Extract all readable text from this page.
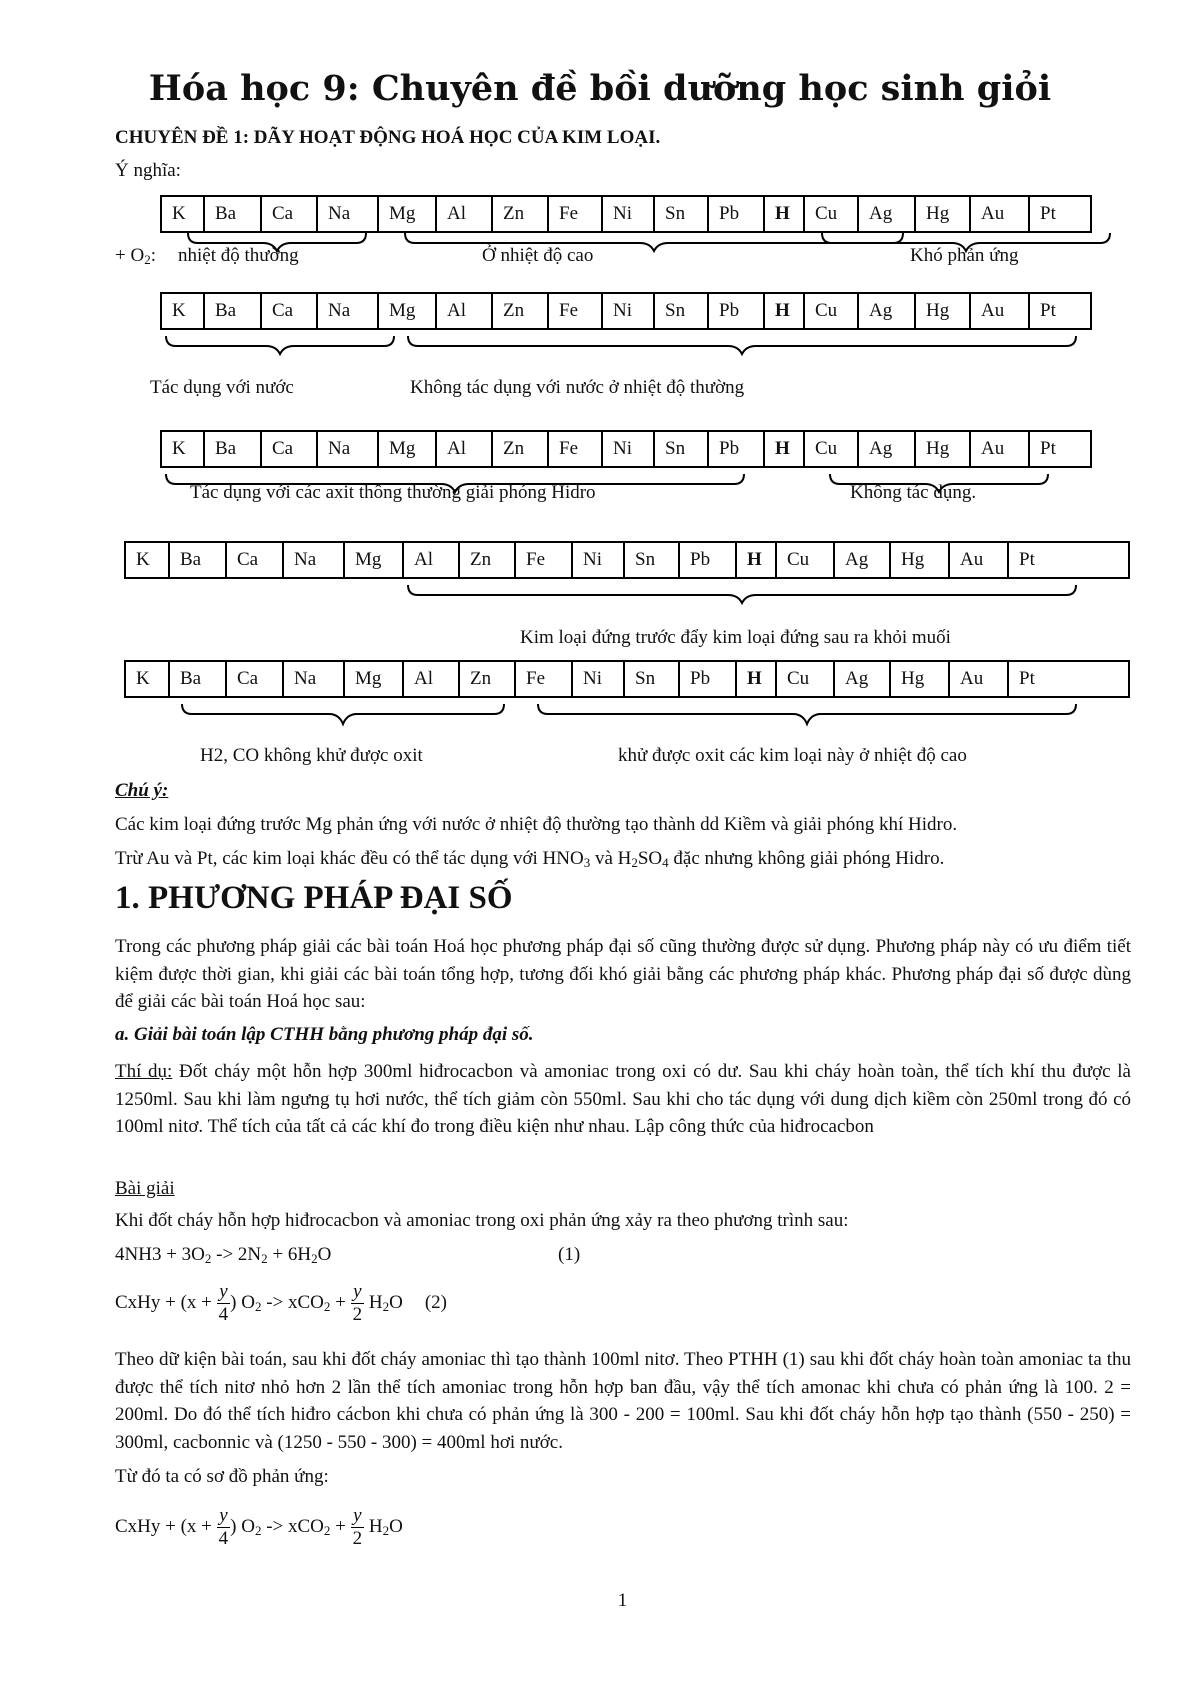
Hóa học 9: Chuyên đề bồi dưỡng học sinh giỏi
CHUYÊN ĐỀ 1: DÃY HOẠT ĐỘNG HOÁ HỌC CỦA KIM LOẠI.
Ý nghĩa:
K	Ba	Ca	Na	Mg	Al	Zn	Fe	Ni	Sn	Pb	H	Cu	Ag	Hg	Au	Pt
K	Ba	Ca	Na	Mg	Al	Zn	Fe	Ni	Sn	Pb	H	Cu	Ag	Hg	Au	Pt
K	Ba	Ca	Na	Mg	Al	Zn	Fe	Ni	Sn	Pb	H	Cu	Ag	Hg	Au	Pt
K	Ba	Ca	Na	Mg	Al	Zn	Fe	Ni	Sn	Pb	H	Cu	Ag	Hg	Au	Pt
K	Ba	Ca	Na	Mg	Al	Zn	Fe	Ni	Sn	Pb	H	Cu	Ag	Hg	Au	Pt
+ $O_2$: nhiệt độ thường	Ở nhiệt độ cao	Khó phản ứng
Tác dụng với nước	Không tác dụng với nước ở nhiệt độ thường
Tác dụng với các axit thông thường giải phóng Hidro	Không tác dụng.
Kim loại đứng trước đẩy kim loại đứng sau ra khỏi muối
H2, CO không khử được oxit	khử được oxit các kim loại này ở nhiệt độ cao
Chú ý:
Các kim loại đứng trước Mg phản ứng với nước ở nhiệt độ thường tạo thành dd Kiềm và giải phóng khí Hidro.
Trừ Au và Pt, các kim loại khác đều có thể tác dụng với $HNO_3$ và $H_2SO_4$ đặc nhưng không giải phóng Hidro.
1. PHƯƠNG PHÁP ĐẠI SỐ
Trong các phương pháp giải các bài toán Hoá học phương pháp đại số cũng thường được sử dụng. Phương pháp này có ưu điểm tiết kiệm được thời gian, khi giải các bài toán tổng hợp, tương đối khó giải bằng các phương pháp khác. Phương pháp đại số được dùng để giải các bài toán Hoá học sau:
a. Giải bài toán lập CTHH bằng phương pháp đại số.
Thí dụ: Đốt cháy một hỗn hợp 300ml hiđrocacbon và amoniac trong oxi có dư. Sau khi cháy hoàn toàn, thể tích khí thu được là 1250ml. Sau khi làm ngưng tụ hơi nước, thể tích giảm còn 550ml. Sau khi cho tác dụng với dung dịch kiềm còn 250ml trong đó có 100ml nitơ. Thể tích của tất cả các khí đo trong điều kiện như nhau. Lập công thức của hiđrocacbon
Bài giải
Khi đốt cháy hỗn hợp hiđrocacbon và amoniac trong oxi phản ứng xảy ra theo phương trình sau:
$4NH3 + 3O_2 -> 2N_2 + 6H_2O$	(1)
CxHy + ($x + \frac{y}{4}$ ) $O_2 -> xCO_2 + \frac{y}{2} H_2O$ (2)
Theo dữ kiện bài toán, sau khi đốt cháy amoniac thì tạo thành 100ml nitơ. Theo PTHH (1) sau khi đốt cháy hoàn toàn amoniac ta thu được thể tích nitơ nhỏ hơn 2 lần thể tích amoniac trong hỗn hợp ban đầu, vậy thể tích amonac khi chưa có phản ứng là 100. 2 = 200ml. Do đó thể tích hiđro cácbon khi chưa có phản ứng là 300 - 200 = 100ml. Sau khi đốt cháy hỗn hợp tạo thành (550 - 250) = 300ml, cacbonnic và (1250 - 550 - 300) = 400ml hơi nước.
Từ đó ta có sơ đồ phản ứng:
CxHy + ($x + \frac{y}{4}$ ) $O_2 -> xCO_2 + \frac{y}{2} H_2O$
1
